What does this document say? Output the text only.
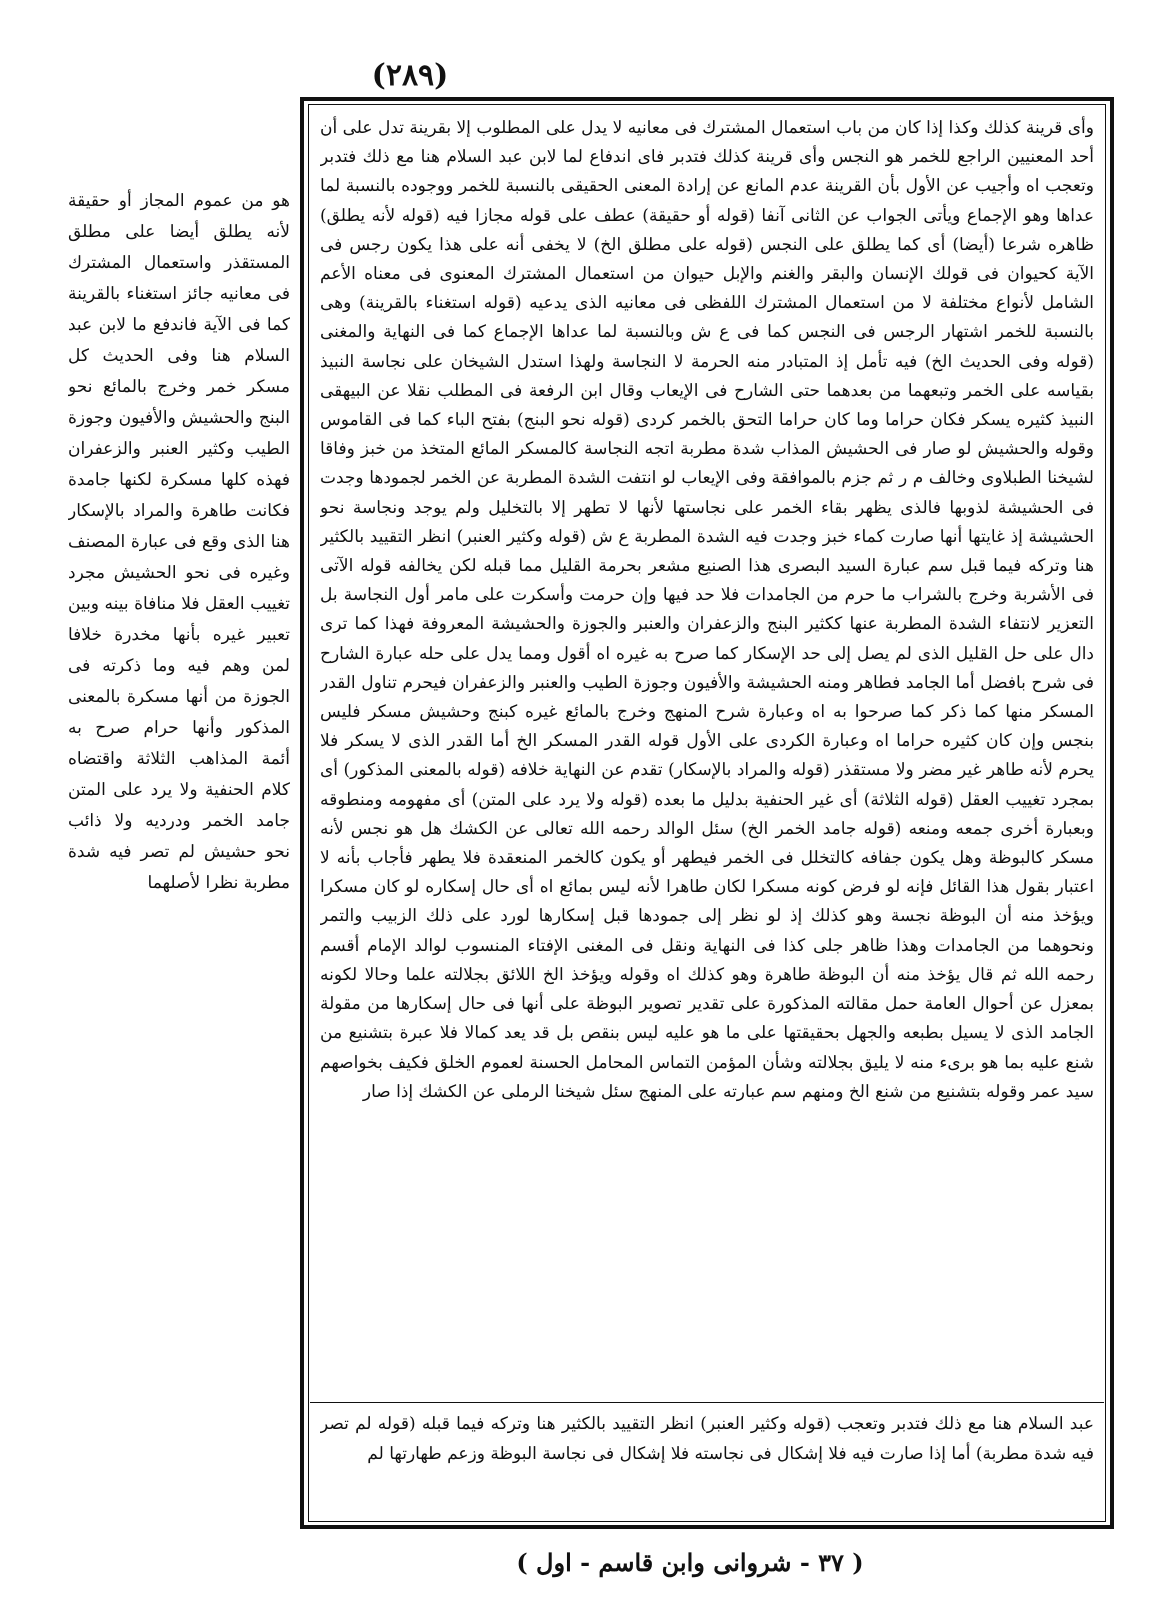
(٢٨٩)

وأى قرينة كذلك وكذا إذا كان من باب استعمال المشترك فى معانيه لا يدل على المطلوب إلا بقرينة تدل على أن أحد المعنيين الراجع للخمر هو النجس وأى قرينة كذلك فتدبر فاى اندفاع لما لابن عبد السلام هنا مع ذلك فتدبر وتعجب اه وأجيب عن الأول بأن القرينة عدم المانع عن إرادة المعنى الحقيقى بالنسبة للخمر ووجوده بالنسبة لما عداها وهو الإجماع ويأتى الجواب عن الثانى آنفا (قوله أو حقيقة) عطف على قوله مجازا فيه (قوله لأنه يطلق) ظاهره شرعا (أيضا) أى كما يطلق على النجس (قوله على مطلق الخ) لا يخفى أنه على هذا يكون رجس فى الآية كحيوان فى قولك الإنسان والبقر والغنم والإبل حيوان من استعمال المشترك المعنوى فى معناه الأعم الشامل لأنواع مختلفة لا من استعمال المشترك اللفظى فى معانيه الذى يدعيه (قوله استغناء بالقرينة) وهى بالنسبة للخمر اشتهار الرجس فى النجس كما فى ع ش وبالنسبة لما عداها الإجماع كما فى النهاية والمغنى (قوله وفى الحديث الخ) فيه تأمل إذ المتبادر منه الحرمة لا النجاسة ولهذا استدل الشيخان على نجاسة النبيذ بقياسه على الخمر وتبعهما من بعدهما حتى الشارح فى الإيعاب وقال ابن الرفعة فى المطلب نقلا عن البيهقى النبيذ كثيره يسكر فكان حراما وما كان حراما التحق بالخمر كردى (قوله نحو البنج) بفتح الباء كما فى القاموس وقوله والحشيش لو صار فى الحشيش المذاب شدة مطربة اتجه النجاسة كالمسكر المائع المتخذ من خبز وفاقا لشيخنا الطبلاوى وخالف م ر ثم جزم بالموافقة وفى الإيعاب لو انتفت الشدة المطربة عن الخمر لجمودها وجدت فى الحشيشة لذوبها فالذى يظهر بقاء الخمر على نجاستها لأنها لا تطهر إلا بالتخليل ولم يوجد ونجاسة نحو الحشيشة إذ غايتها أنها صارت كماء خبز وجدت فيه الشدة المطربة ع ش (قوله وكثير العنبر) انظر التقييد بالكثير هنا وتركه فيما قبل سم عبارة السيد البصرى هذا الصنيع مشعر بحرمة القليل مما قبله لكن يخالفه قوله الآتى فى الأشربة وخرج بالشراب ما حرم من الجامدات فلا حد فيها وإن حرمت وأسكرت على مامر أول النجاسة بل التعزير لانتفاء الشدة المطربة عنها ككثير البنج والزعفران والعنبر والجوزة والحشيشة المعروفة فهذا كما ترى دال على حل القليل الذى لم يصل إلى حد الإسكار كما صرح به غيره اه أقول ومما يدل على حله عبارة الشارح فى شرح بافضل أما الجامد فطاهر ومنه الحشيشة والأفيون وجوزة الطيب والعنبر والزعفران فيحرم تناول القدر المسكر منها كما ذكر كما صرحوا به اه وعبارة شرح المنهج وخرج بالمائع غيره كبنج وحشيش مسكر فليس بنجس وإن كان كثيره حراما اه وعبارة الكردى على الأول قوله القدر المسكر الخ أما القدر الذى لا يسكر فلا يحرم لأنه طاهر غير مضر ولا مستقذر (قوله والمراد بالإسكار) تقدم عن النهاية خلافه (قوله بالمعنى المذكور) أى بمجرد تغييب العقل (قوله الثلاثة) أى غير الحنفية بدليل ما بعده (قوله ولا يرد على المتن) أى مفهومه ومنطوقه وبعبارة أخرى جمعه ومنعه (قوله جامد الخمر الخ) سئل الوالد رحمه الله تعالى عن الكشك هل هو نجس لأنه مسكر كالبوظة وهل يكون جفافه كالتخلل فى الخمر فيطهر أو يكون كالخمر المنعقدة فلا يطهر فأجاب بأنه لا اعتبار بقول هذا القائل فإنه لو فرض كونه مسكرا لكان طاهرا لأنه ليس بمائع اه أى حال إسكاره لو كان مسكرا ويؤخذ منه أن البوظة نجسة وهو كذلك إذ لو نظر إلى جمودها قبل إسكارها لورد على ذلك الزبيب والتمر ونحوهما من الجامدات وهذا ظاهر جلى كذا فى النهاية ونقل فى المغنى الإفتاء المنسوب لوالد الإمام أقسم رحمه الله ثم قال يؤخذ منه أن البوظة طاهرة وهو كذلك اه وقوله ويؤخذ الخ اللائق بجلالته علما وحالا لكونه بمعزل عن أحوال العامة حمل مقالته المذكورة على تقدير تصوير البوظة على أنها فى حال إسكارها من مقولة الجامد الذى لا يسيل بطبعه والجهل بحقيقتها على ما هو عليه ليس بنقص بل قد يعد كمالا فلا عبرة بتشنيع من شنع عليه بما هو برىء منه لا يليق بجلالته وشأن المؤمن التماس المحامل الحسنة لعموم الخلق فكيف بخواصهم سيد عمر وقوله بتشنيع من شنع الخ ومنهم سم عبارته على المنهج سئل شيخنا الرملى عن الكشك إذا صار

عبد السلام هنا مع ذلك فتدبر وتعجب (قوله وكثير العنبر) انظر التقييد بالكثير هنا وتركه فيما قبله (قوله لم تصر فيه شدة مطربة) أما إذا صارت فيه فلا إشكال فى نجاسته فلا إشكال فى نجاسة البوظة وزعم طهارتها لم

هو من عموم المجاز أو حقيقة لأنه يطلق أيضا على مطلق المستقذر واستعمال المشترك فى معانيه جائز استغناء بالقرينة كما فى الآية فاندفع ما لابن عبد السلام هنا وفى الحديث كل مسكر خمر وخرج بالمائع نحو البنج والحشيش والأفيون وجوزة الطيب وكثير العنبر والزعفران فهذه كلها مسكرة لكنها جامدة فكانت طاهرة والمراد بالإسكار هنا الذى وقع فى عبارة المصنف وغيره فى نحو الحشيش مجرد تغييب العقل فلا منافاة بينه وبين تعبير غيره بأنها مخدرة خلافا لمن وهم فيه وما ذكرته فى الجوزة من أنها مسكرة بالمعنى المذكور وأنها حرام صرح به أئمة المذاهب الثلاثة واقتضاه كلام الحنفية ولا يرد على المتن جامد الخمر ودرديه ولا ذائب نحو حشيش لم تصر فيه شدة مطربة نظرا لأصلهما

( ٣٧ - شروانى وابن قاسم - اول )
